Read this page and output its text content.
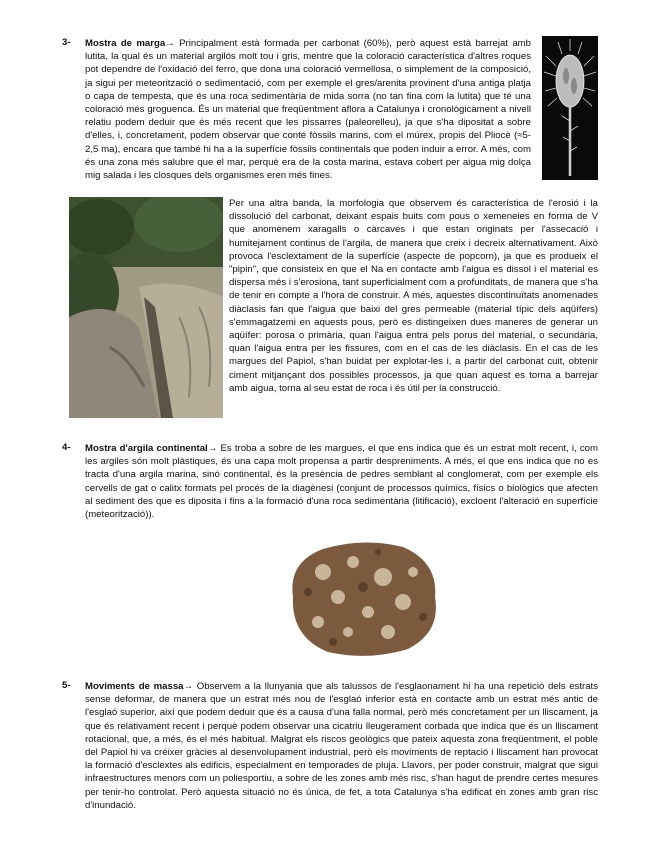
3- Mostra de marga→ Principalment està formada per carbonat (60%), però aquest està barrejat amb lutita, la qual és un material argilós molt tou i gris, mentre que la coloració característica d'altres roques pot dependre de l'oxidació del ferro, que dona una coloració vermellosa, o simplement de la composició, ja sigui per meteorització o sedimentació, com per exemple el gres/arenita provinent d'una antiga platja o capa de tempesta, que és una roca sedimentària de mida sorra (no tan fina com la lutita) que té una coloració més groguenca. És un material que freqüentment aflora a Catalunya i cronològicament a nivell relatiu podem deduir que és més recent que les pissarres (paleorelleu), ja que s'ha dipositat a sobre d'elles, i, concretament, podem observar que conté fòssils marins, com el múrex, propis del Pliocè (≈5-2,5 ma), encara que també hi ha a la superfície fòssils continentals que poden induir a error. A més, com és una zona més salubre que el mar, perquè era de la costa marina, estava cobert per aigua mig dolça mig salada i les closques dels organismes eren més fines.
Per una altra banda, la morfologia que observem és característica de l'erosió i la dissolució del carbonat, deixant espais buits com pous o xemeneies en forma de V que anomenem xaragalls o càrcaves i que estan originats per l'assecació i humitejament continus de l'argila, de manera que creix i decreix alternativament. Això provoca l'esclextament de la superfície (aspecte de popcorn), ja que es produeix el "pipin", que consisteix en que el Na en contacte amb l'aigua es dissol i el material es dispersa més i s'erosiona, tant superficialment com a profunditats, de manera que s'ha de tenir en compte a l'hora de construir. A més, aquestes discontinuïtats anomenades diàclasis fan que l'aigua que baixi del gres permeable (material típic dels aqüífers) s'emmagatzemi en aquests pous, però es distingeixen dues maneres de generar un aqüífer: porosa o primària, quan l'aigua entra pels porus del material, o secundària, quan l'aigua entra per les fissures, com en el cas de les diàclasis. En el cas de les margues del Papiol, s'han buidat per explotar-les i, a partir del carbonat cuit, obtenir ciment mitjançant dos possibles processos, ja que quan aquest es torna a barrejar amb aigua, torna al seu estat de roca i és útil per la construcció.
4- Mostra d'argila continental→ Es troba a sobre de les margues, el que ens indica que és un estrat molt recent, i, com les argiles són molt plàstiques, és una capa molt propensa a partir despreniments. A més, el que ens indica que no es tracta d'una argila marina, sinó continental, és la presència de pedres semblant al conglomerat, com per exemple els cervells de gat o calitx formats pel procés de la diagènesi (conjunt de processos químics, físics o biològics que afecten al sediment des que es diposita i fins a la formació d'una roca sedimentària (litificació), excloent l'alteració en superfície (meteorització)).
5- Moviments de massa→ Observem a la llunyania que als talussos de l'esglaonament hi ha una repetició dels estrats sense deformar, de manera que un estrat més nou de l'esglaó inferior està en contacte amb un estrat més antic de l'esglaó superior, així que podem deduir que és a causa d'una falla normal, però més concretament per un lliscament, ja que és relativament recent i perquè podem observar una cicatriu lleugerament corbada que indica que és un lliscament rotacional, que, a més, és el més habitual. Malgrat els riscos geològics que pateix aquesta zona freqüentment, el poble del Papiol hi va créixer gràcies al desenvolupament industrial, però els moviments de reptació i lliscament han provocat la formació d'esclextes als edificis, especialment en temporades de pluja. Llavors, per poder construir, malgrat que sigui infraestructures menors com un poliesportiu, a sobre de les zones amb més risc, s'han hagut de prendre certes mesures per tenir-ho controlat. Però aquesta situació no és única, de fet, a tota Catalunya s'ha edificat en zones amb gran risc d'inundació.
